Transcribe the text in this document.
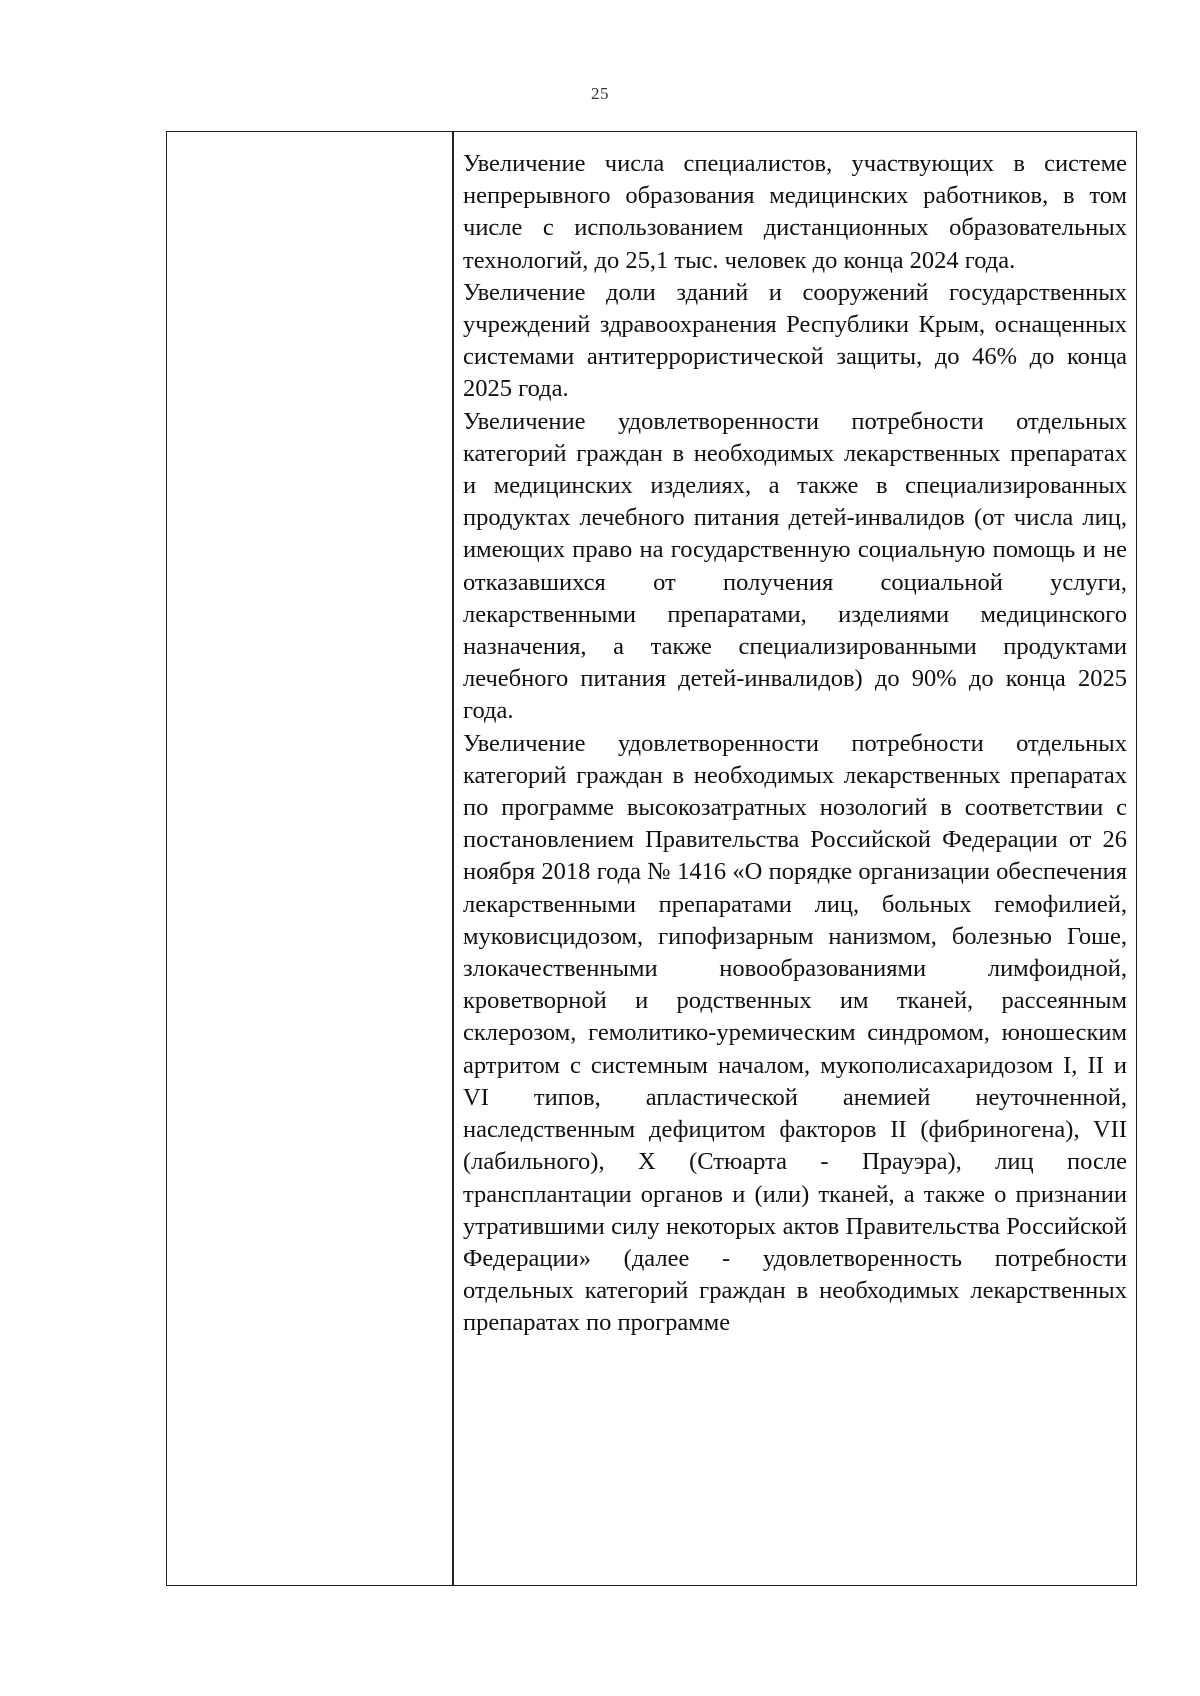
25

Увеличение числа специалистов, участвующих в системе непрерывного образования медицинских работников, в том числе с использованием дистанционных образовательных технологий, до 25,1 тыс. человек до конца 2024 года.

Увеличение доли зданий и сооружений государственных учреждений здравоохранения Республики Крым, оснащенных системами антитеррористической защиты, до 46% до конца 2025 года.

Увеличение удовлетворенности потребности отдельных категорий граждан в необходимых лекарственных препаратах и медицинских изделиях, а также в специализированных продуктах лечебного питания детей-инвалидов (от числа лиц, имеющих право на государственную социальную помощь и не отказавшихся от получения социальной услуги, лекарственными препаратами, изделиями медицинского назначения, а также специализированными продуктами лечебного питания детей-инвалидов) до 90% до конца 2025 года.

Увеличение удовлетворенности потребности отдельных категорий граждан в необходимых лекарственных препаратах по программе высокозатратных нозологий в соответствии с постановлением Правительства Российской Федерации от 26 ноября 2018 года № 1416 «О порядке организации обеспечения лекарственными препаратами лиц, больных гемофилией, муковисцидозом, гипофизарным нанизмом, болезнью Гоше, злокачественными новообразованиями лимфоидной, кроветворной и родственных им тканей, рассеянным склерозом, гемолитико-уремическим синдромом, юношеским артритом с системным началом, мукополисахаридозом I, II и VI типов, апластической анемией неуточненной, наследственным дефицитом факторов II (фибриногена), VII (лабильного), X (Стюарта - Прауэра), лиц после трансплантации органов и (или) тканей, а также о признании утратившими силу некоторых актов Правительства Российской Федерации» (далее - удовлетворенность потребности отдельных категорий граждан в необходимых лекарственных препаратах по программе
